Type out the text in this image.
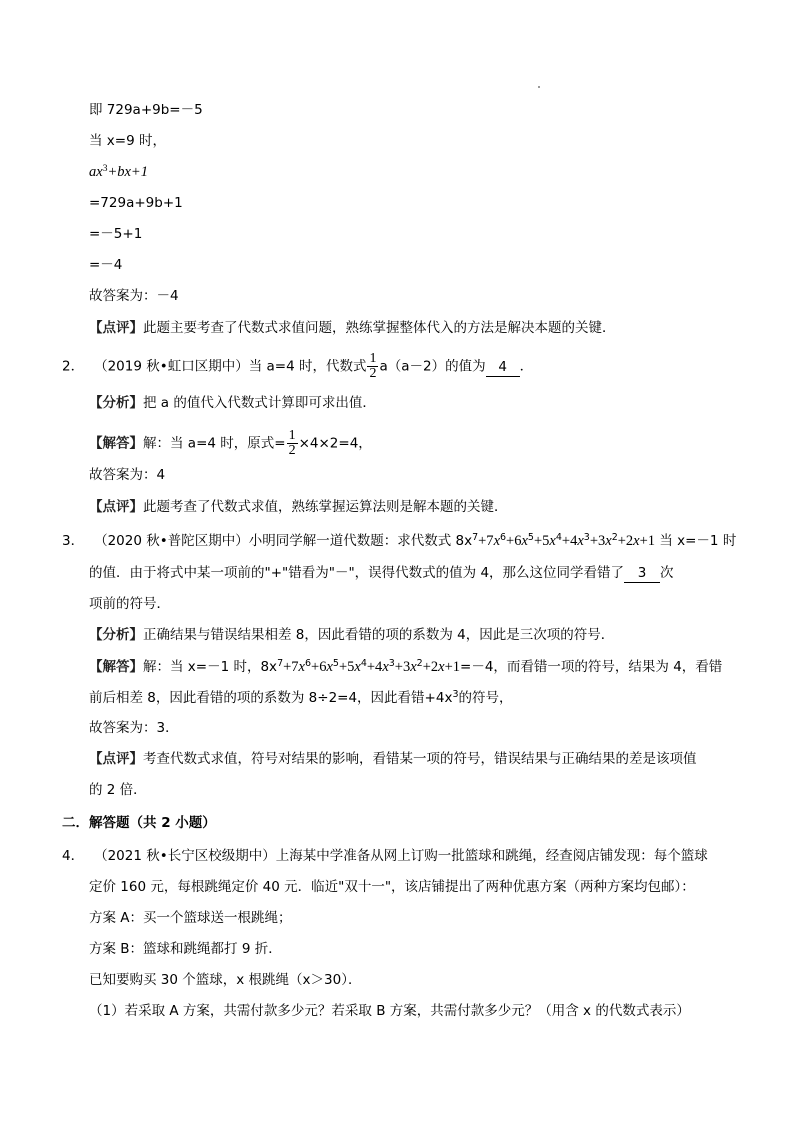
即 729a+9b=－5
当 x=9 时，
$ax^3+bx+1$
=729a+9b+1
=－5+1
=－4
故答案为：－4
【点评】此题主要考查了代数式求值问题，熟练掌握整体代入的方法是解决本题的关键．
2． （2019 秋•虹口区期中）当 a=4 时，代数式 $\frac{1}{2} a(a-2)$的值为 4 ．
【分析】把 a 的值代入代数式计算即可求出值．
【解答】解：当 a=4 时，原式= $\frac{1}{2} \times 4\times 2=4$，
故答案为：4
【点评】此题考查了代数式求值，熟练掌握运算法则是解本题的关键．
3． （2020 秋•普陀区期中）小明同学解一道代数题：求代数式 $8x^7+7x^6+6x^5+5x^4+4x^3+3x^2+2x+1$ 当 x=－1 时
的值．由于将式中某一项前的"+"错看为"－"，误得代数式的值为 4，那么这位同学看错了 3 次
项前的符号．
【分析】正确结果与错误结果相差 8，因此看错的项的系数为 4，因此是三次项的符号．
【解答】解：当 x=－1 时，$8x^7+7x^6+6x^5+5x^4+4x^3+3x^2+2x+1=-4$，而看错一项的符号，结果为 4，看错
前后相差 8，因此看错的项的系数为 8÷2=4，因此看错$+4x^3$的符号，
故答案为：3．
【点评】考查代数式求值，符号对结果的影响，看错某一项的符号，错误结果与正确结果的差是该项值
的 2 倍．
二．解答题（共 2 小题）
4． （2021 秋•长宁区校级期中）上海某中学准备从网上订购一批篮球和跳绳，经查阅店铺发现：每个篮球
定价 160 元，每根跳绳定价 40 元．临近"双十一"，该店铺提出了两种优惠方案（两种方案均包邮）：
方案 A：买一个篮球送一根跳绳；
方案 B：篮球和跳绳都打 9 折．
已知要购买 30 个篮球，x 根跳绳（x＞30）．
（1）若采取 A 方案，共需付款多少元？若采取 B 方案，共需付款多少元？（用含 x 的代数式表示）
